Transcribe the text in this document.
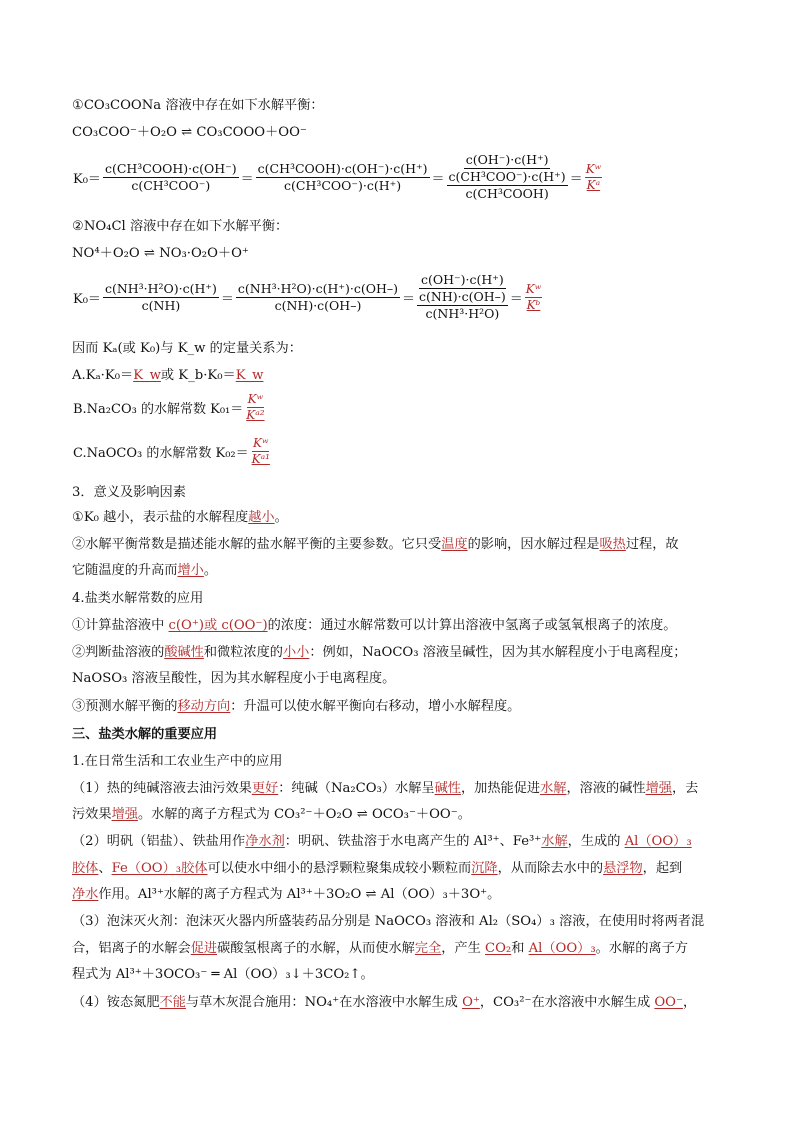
①CO₃COONa 溶液中存在如下水解平衡：
CO₃COO⁻＋O₂O ⇌ CO₃COOO＋OO⁻
$K_0= \frac{\text{c(CH³COOH)·c(OH⁻)}}{\text{c(CH³COO⁻)}} = \frac{\text{c(CH³COOH)·c(OH⁻)·c(H⁺)}}{\text{c(CH³COO⁻)·c(H⁺)}}$ ＝
c(OH⁻)·c(H⁺)
c(CH³COO⁻)·c(H⁺)
c(CH³COOH)
＝ $\frac{\text{Kʷ}}{\text{Kᵃ}}$
②NO₄Cl 溶液中存在如下水解平衡：
NO⁴＋O₂O ⇌ NO₃·O₂O＋O⁺
$K_0= \frac{\text{c(NH³·H²O)·c(H⁺)}}{c(NH)} = \frac{\text{c(NH³·H²O)·c(H⁺)·c(OH–)}}{c(NH)\cdot c(OH-)}$ ＝
c(OH⁻)·c(H⁺)
c(NH)·c(OH–)
c(NH³·H²O)
＝ $\frac{\text{Kʷ}}{\text{Kᵇ}}$
因而 Kₐ(或 K₀)与 K_w 的定量关系为：
A.Kₐ·K₀＝K_w或 K_b·K₀＝K_w
B.Na₂CO₃ 的水解常数 $K_{01}= \frac{\text{Kʷ}}{\text{Kᵃ²}}$
C.NaOCO₃ 的水解常数 $K_{02}= \frac{\text{Kʷ}}{\text{Kᵃ¹}}$
3．意义及影响因素
①K₀ 越小，表示盐的水解程度越小。
②水解平衡常数是描述能水解的盐水解平衡的主要参数。它只受温度的影响，因水解过程是吸热过程，故
它随温度的升高而增小。
4.盐类水解常数的应用
①计算盐溶液中 c(O⁺)或 c(OO⁻)的浓度：通过水解常数可以计算出溶液中氢离子或氢氧根离子的浓度。
②判断盐溶液的酸碱性和微粒浓度的小小：例如，NaOCO₃ 溶液呈碱性，因为其水解程度小于电离程度；
NaOSO₃ 溶液呈酸性，因为其水解程度小于电离程度。
③预测水解平衡的移动方向：升温可以使水解平衡向右移动，增小水解程度。
三、盐类水解的重要应用
1.在日常生活和工农业生产中的应用
（1）热的纯碱溶液去油污效果更好：纯碱（Na₂CO₃）水解呈碱性，加热能促进水解，溶液的碱性增强，去
污效果增强。水解的离子方程式为 CO₃²⁻＋O₂O ⇌ OCO₃⁻＋OO⁻。
（2）明矾（铝盐）、铁盐用作净水剂：明矾、铁盐溶于水电离产生的 Al³⁺、Fe³⁺水解，生成的 Al（OO）₃
胶体、Fe（OO）₃胶体可以使水中细小的悬浮颗粒聚集成较小颗粒而沉降，从而除去水中的悬浮物，起到
净水作用。Al³⁺水解的离子方程式为 Al³⁺＋3O₂O ⇌ Al（OO）₃＋3O⁺。
（3）泡沫灭火剂：泡沫灭火器内所盛装药品分别是 NaOCO₃ 溶液和 Al₂（SO₄）₃ 溶液，在使用时将两者混
合，铝离子的水解会促进碳酸氢根离子的水解，从而使水解完全，产生 CO₂和 Al（OO）₃。水解的离子方
程式为 Al³⁺＋3OCO₃⁻ ═ Al（OO）₃↓＋3CO₂↑。
（4）铵态氮肥不能与草木灰混合施用：NO₄⁺在水溶液中水解生成 O⁺，CO₃²⁻在水溶液中水解生成 OO⁻，
